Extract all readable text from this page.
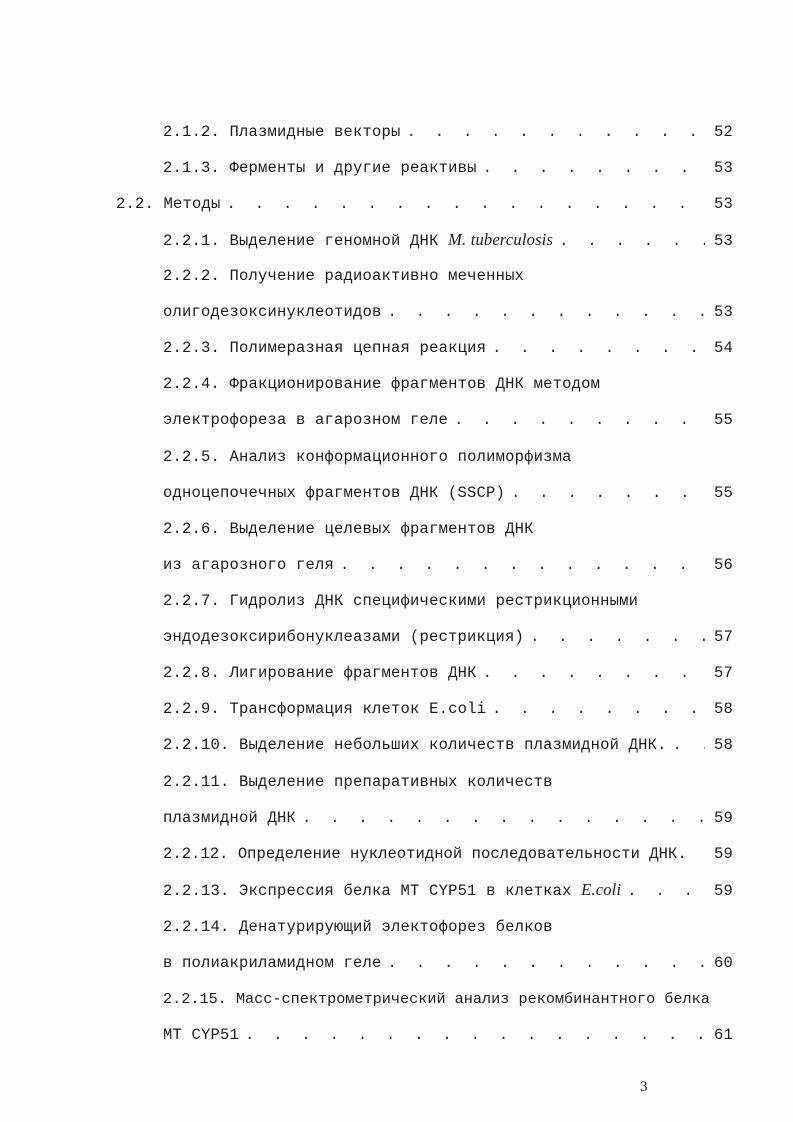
2.1.2. Плазмидные векторы . . .	52
2.1.3. Ферменты и другие реактивы . . .	53
2.2. Методы . . .	53
2.2.1. Выделение геномной ДНК M. tuberculosis . . .	53
2.2.2. Получение радиоактивно меченных
олигодезоксинуклеотидов . . .	53
2.2.3. Полимеразная цепная реакция . . .	54
2.2.4. Фракционирование фрагментов ДНК методом
электрофореза в агарозном геле . . .	55
2.2.5. Анализ конформационного полиморфизма
одноцепочечных фрагментов ДНК (SSCP) . . .	55
2.2.6. Выделение целевых фрагментов ДНК
из агарозного геля . . .	56
2.2.7. Гидролиз ДНК специфическими рестрикционными
эндодезоксирибонуклеазами (рестрикция) . . .	57
2.2.8. Лигирование фрагментов ДНК . . .	57
2.2.9. Трансформация клеток E.coli . . .	58
2.2.10. Выделение небольших количеств плазмидной ДНК. . . .	58
2.2.11. Выделение препаративных количеств
плазмидной ДНК . . .	59
2.2.12. Определение нуклеотидной последовательности ДНК. 59
2.2.13. Экспрессия белка MT CYP51 в клетках E.coli . . .	59
2.2.14. Денатурирующий электофорез белков
в полиакриламидном геле . . .	60
2.2.15. Масс-спектрометрический анализ рекомбинантного белка
MT CYP51 . . .	61
3
